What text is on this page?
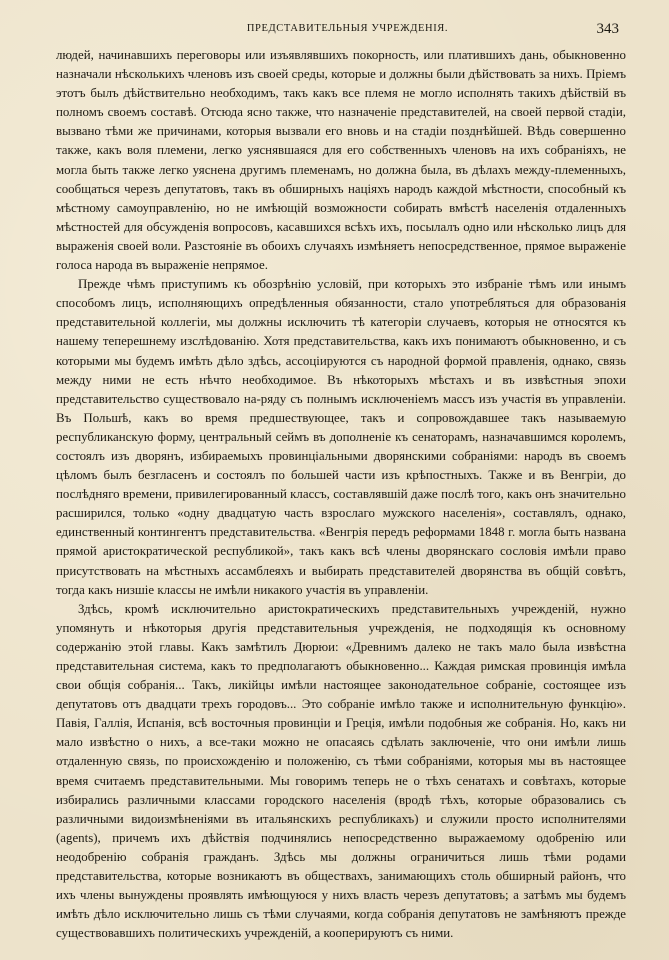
ПРЕДСТАВИТЕЛЬНЫЯ УЧРЕЖДЕНІЯ.	343

людей, начинавшихъ переговоры или изъявлявшихъ покорность, или платившихъ дань, обыкновенно назначали нѣсколькихъ членовъ изъ своей среды, которые и должны были дѣйствовать за нихъ. Пріемъ этотъ былъ дѣйствительно необходимъ, такъ какъ все племя не могло исполнять такихъ дѣйствій въ полномъ своемъ составѣ. Отсюда ясно также, что назначеніе представителей, на своей первой стадіи, вызвано тѣми же причинами, которыя вызвали его вновь и на стадіи позднѣйшей. Вѣдь совершенно также, какъ воля племени, легко уяснявшаяся для его собственныхъ членовъ на ихъ собраніяхъ, не могла быть также легко уяснена другимъ племенамъ, но должна была, въ дѣлахъ между-племенныхъ, сообщаться черезъ депутатовъ, такъ въ обширныхъ націяхъ народъ каждой мѣстности, способный къ мѣстному самоуправленію, но не имѣющій возможности собирать вмѣстѣ населенія отдаленныхъ мѣстностей для обсужденія вопросовъ, касавшихся всѣхъ ихъ, посылалъ одно или нѣсколько лицъ для выраженія своей воли. Разстояніе въ обоихъ случаяхъ измѣняетъ непосредственное, прямое выраженіе голоса народа въ выраженіе непрямое.

Прежде чѣмъ приступимъ къ обозрѣнію условій, при которыхъ это избраніе тѣмъ или инымъ способомъ лицъ, исполняющихъ опредѣленныя обязанности, стало употребляться для образованія представительной коллегіи, мы должны исключить тѣ категоріи случаевъ, которыя не относятся къ нашему теперешнему изслѣдованію. Хотя представительства, какъ ихъ понимаютъ обыкновенно, и съ которыми мы будемъ имѣть дѣло здѣсь, ассоціируются съ народной формой правленія, однако, связь между ними не есть нѣчто необходимое. Въ нѣкоторыхъ мѣстахъ и въ извѣстныя эпохи представительство существовало на-ряду съ полнымъ исключеніемъ массъ изъ участія въ управленіи. Въ Польшѣ, какъ во время предшествующее, такъ и сопровождавшее такъ называемую республиканскую форму, центральный сеймъ въ дополненіе къ сенаторамъ, назначавшимся королемъ, состоялъ изъ дворянъ, избираемыхъ провинціальными дворянскими собраніями: народъ въ своемъ цѣломъ былъ безгласенъ и состоялъ по большей части изъ крѣпостныхъ. Также и въ Венгріи, до послѣдняго времени, привилегированный классъ, составлявшій даже послѣ того, какъ онъ значительно расширился, только «одну двадцатую часть взрослаго мужского населенія», составлялъ, однако, единственный контингентъ представительства. «Венгрія передъ реформами 1848 г. могла быть названа прямой аристократической республикой», такъ какъ всѣ члены дворянскаго сословія имѣли право присутствовать на мѣстныхъ ассамблеяхъ и выбирать представителей дворянства въ общій совѣтъ, тогда какъ низшіе классы не имѣли никакого участія въ управленіи.

Здѣсь, кромѣ исключительно аристократическихъ представительныхъ учрежденій, нужно упомянуть и нѣкоторыя другія представительныя учрежденія, не подходящія къ основному содержанію этой главы. Какъ замѣтилъ Дюрюи: «Древнимъ далеко не такъ мало была извѣстна представительная система, какъ то предполагаютъ обыкновенно... Каждая римская провинція имѣла свои общія собранія... Такъ, ликійцы имѣли настоящее законодательное собраніе, состоящее изъ депутатовъ отъ двадцати трехъ городовъ... Это собраніе имѣло также и исполнительную функцію». Павія, Галлія, Испанія, всѣ восточныя провинціи и Греція, имѣли подобныя же собранія. Но, какъ ни мало извѣстно о нихъ, а все-таки можно не опасаясь сдѣлать заключеніе, что они имѣли лишь отдаленную связь, по происхожденію и положенію, съ тѣми собраніями, которыя мы въ настоящее время считаемъ представительными. Мы говоримъ теперь не о тѣхъ сенатахъ и совѣтахъ, которые избирались различными классами городского населенія (вродѣ тѣхъ, которые образовались съ различными видоизмѣненіями въ итальянскихъ республикахъ) и служили просто исполнителями (agents), причемъ ихъ дѣйствія подчинялись непосредственно выражаемому одобренію или неодобренію собранія гражданъ. Здѣсь мы должны ограничиться лишь тѣми родами представительства, которые возникаютъ въ обществахъ, занимающихъ столь обширный районъ, что ихъ члены вынуждены проявлять имѣющуюся у нихъ власть черезъ депутатовъ; а затѣмъ мы будемъ имѣть дѣло исключительно лишь съ тѣми случаями, когда собранія депутатовъ не замѣняютъ прежде существовавшихъ политическихъ учрежденій, а кооперируютъ съ ними.
